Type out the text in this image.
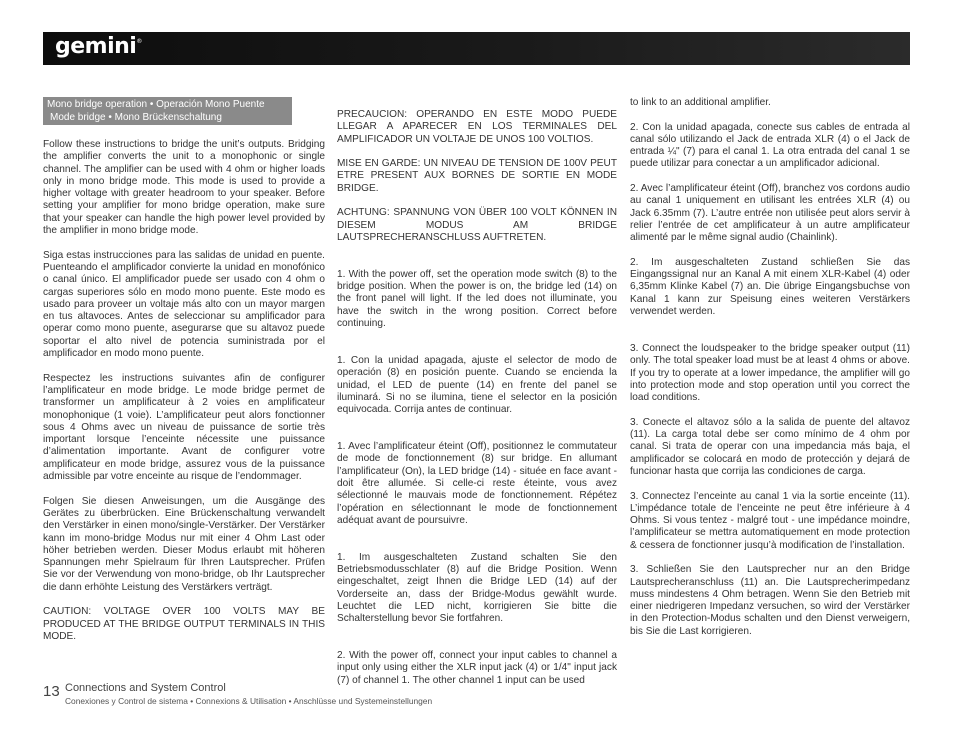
gemini®
Mono bridge operation • Operación Mono Puente
Mode bridge • Mono Brückenschaltung

Follow these instructions to bridge the unit’s outputs. Bridging the amplifier converts the unit to a monophonic or single channel. The amplifier can be used with 4 ohm or higher loads only in mono bridge mode. This mode is used to provide a higher voltage with greater headroom to your speaker. Before setting your amplifier for mono bridge operation, make sure that your speaker can handle the high power level provided by the amplifier in mono bridge mode.

Siga estas instrucciones para las salidas de unidad en puente. Puenteando el amplificador convierte la unidad en monofónico o canal único. El amplificador puede ser usado con 4 ohm o cargas superiores sólo en modo mono puente. Este modo es usado para proveer un voltaje más alto con un mayor margen en tus altavoces. Antes de seleccionar su amplificador para operar como mono puente, asegurarse que su altavoz puede soportar el alto nivel de potencia suministrada por el amplificador en modo mono puente.

Respectez les instructions suivantes afin de configurer l’amplificateur en mode bridge. Le mode bridge permet de transformer un amplificateur à 2 voies en amplificateur monophonique (1 voie). L’amplificateur peut alors fonctionner sous 4 Ohms avec un niveau de puissance de sortie très important lorsque l’enceinte nécessite une puissance d’alimentation importante. Avant de configurer votre amplificateur en mode bridge, assurez vous de la puissance admissible par votre enceinte au risque de l’endommager.

Folgen Sie diesen Anweisungen, um die Ausgänge des Gerätes zu überbrücken. Eine Brückenschaltung verwandelt den Verstärker in einen mono/single-Verstärker. Der Verstärker kann im mono-bridge Modus nur mit einer 4 Ohm Last oder höher betrieben werden. Dieser Modus erlaubt mit höheren Spannungen mehr Spielraum für Ihren Lautsprecher. Prüfen Sie vor der Verwendung von mono-bridge, ob Ihr Lautsprecher die dann erhöhte Leistung des Verstärkers verträgt.

CAUTION: VOLTAGE OVER 100 VOLTS MAY BE PRODUCED AT THE BRIDGE OUTPUT TERMINALS IN THIS MODE.

PRECAUCION: OPERANDO EN ESTE MODO PUEDE LLEGAR A APARECER EN LOS TERMINALES DEL AMPLIFICADOR UN VOLTAJE DE UNOS 100 VOLTIOS.

MISE EN GARDE: UN NIVEAU DE TENSION DE 100V PEUT ETRE PRESENT AUX BORNES DE SORTIE EN MODE BRIDGE.

ACHTUNG: SPANNUNG VON ÜBER 100 VOLT KÖNNEN IN DIESEM MODUS AM BRIDGE LAUTSPRECHERANSCHLUSS AUFTRETEN.

1. With the power off, set the operation mode switch (8) to the bridge position. When the power is on, the bridge led (14) on the front panel will light. If the led does not illuminate, you have the switch in the wrong position. Correct before continuing.

1. Con la unidad apagada, ajuste el selector de modo de operación (8) en posición puente. Cuando se encienda la unidad, el LED de puente (14) en frente del panel se iluminará. Si no se ilumina, tiene el selector en la posición equivocada. Corrija antes de continuar.

1. Avec l’amplificateur éteint (Off), positionnez le commutateur de mode de fonctionnement (8) sur bridge. En allumant l’amplificateur (On), la LED bridge (14) - située en face avant - doit être allumée. Si celle-ci reste éteinte, vous avez sélectionné le mauvais mode de fonctionnement. Répétez l’opération en sélectionnant le mode de fonctionnement adéquat avant de poursuivre.

1. Im ausgeschalteten Zustand schalten Sie den Betriebsmodusschlater (8) auf die Bridge Position. Wenn eingeschaltet, zeigt Ihnen die Bridge LED (14) auf der Vorderseite an, dass der Bridge-Modus gewählt wurde. Leuchtet die LED nicht, korrigieren Sie bitte die Schalterstellung bevor Sie fortfahren.

2. With the power off, connect your input cables to channel a input only using either the XLR input jack (4) or 1/4" input jack (7) of channel 1. The other channel 1 input can be used

to link to an additional amplifier.

2. Con la unidad apagada, conecte sus cables de entrada al canal sólo utilizando el Jack de entrada XLR (4) o el Jack de entrada ¼" (7) para el canal 1. La otra entrada del canal 1 se puede utilizar para conectar a un amplificador adicional.

2. Avec l’amplificateur éteint (Off), branchez vos cordons audio au canal 1 uniquement en utilisant les entrées XLR (4) ou Jack 6.35mm (7). L’autre entrée non utilisée peut alors servir à relier l’entrée de cet amplificateur à un autre amplificateur alimenté par le même signal audio (Chainlink).

2. Im ausgeschalteten Zustand schließen Sie das Eingangssignal nur an Kanal A mit einem XLR-Kabel (4) oder 6,35mm Klinke Kabel (7) an. Die übrige Eingangsbuchse von Kanal 1 kann zur Speisung eines weiteren Verstärkers verwendet werden.

3. Connect the loudspeaker to the bridge speaker output (11) only. The total speaker load must be at least 4 ohms or above. If you try to operate at a lower impedance, the amplifier will go into protection mode and stop operation until you correct the load conditions.

3. Conecte el altavoz sólo a la salida de puente del altavoz (11). La carga total debe ser como mínimo de 4 ohm por canal. Si trata de operar con una impedancia más baja, el amplificador se colocará en modo de protección y dejará de funcionar hasta que corrija las condiciones de carga.

3. Connectez l’enceinte au canal 1 via la sortie enceinte (11). L’impédance totale de l’enceinte ne peut être inférieure à 4 Ohms. Si vous tentez - malgré tout - une impédance moindre, l’amplificateur se mettra automatiquement en mode protection & cessera de fonctionner jusqu’à modification de l’installation.

3. Schließen Sie den Lautsprecher nur an den Bridge Lautsprecheranschluss (11) an. Die Lautsprecherimpedanz muss mindestens 4 Ohm betragen. Wenn Sie den Betrieb mit einer niedrigeren Impedanz versuchen, so wird der Verstärker in den Protection-Modus schalten und den Dienst verweigern, bis Sie die Last korrigieren.

13 Connections and System Control
Conexiones y Control de sistema • Connexions & Utilisation • Anschlüsse und Systemeinstellungen
